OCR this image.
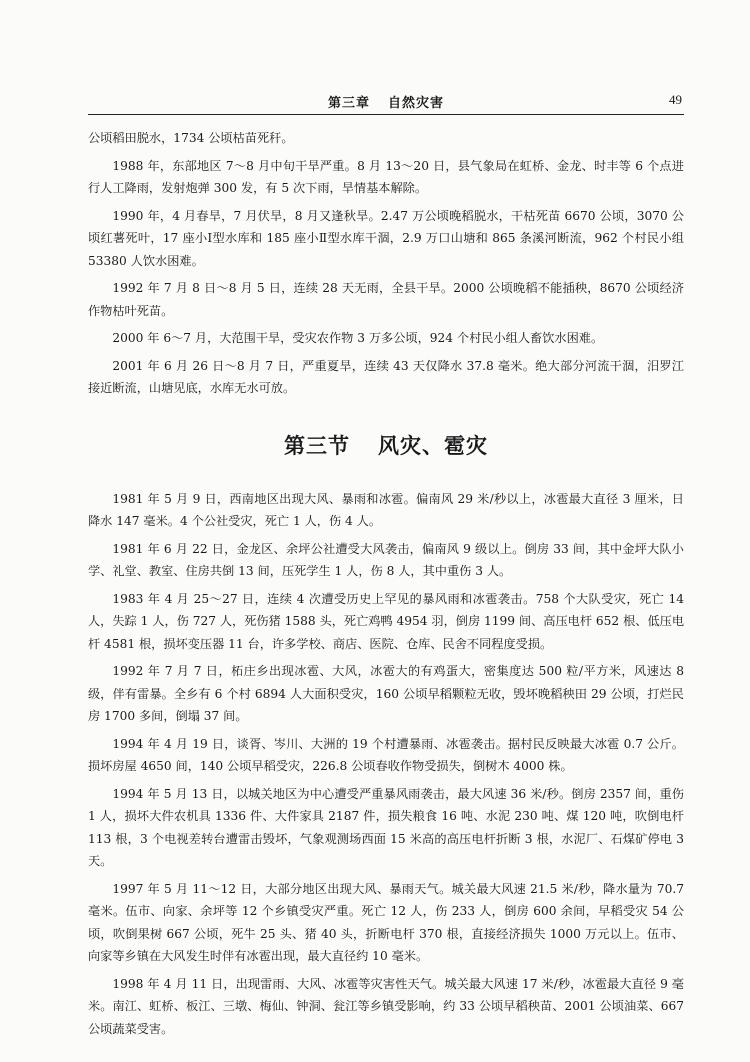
第三章 自然灾害	49

公顷稻田脱水，1734 公顷枯苗死秆。

1988 年，东部地区 7～8 月中旬干旱严重。8 月 13～20 日，县气象局在虹桥、金龙、时丰等 6 个点进行人工降雨，发射炮弹 300 发，有 5 次下雨，旱情基本解除。

1990 年，4 月春旱，7 月伏旱，8 月又逢秋旱。2.47 万公顷晚稻脱水，干枯死苗 6670 公顷，3070 公顷红薯死叶，17 座小Ⅰ型水库和 185 座小Ⅱ型水库干涸，2.9 万口山塘和 865 条溪河断流，962 个村民小组 53380 人饮水困难。

1992 年 7 月 8 日～8 月 5 日，连续 28 天无雨，全县干旱。2000 公顷晚稻不能插秧，8670 公顷经济作物枯叶死苗。

2000 年 6～7 月，大范围干旱，受灾农作物 3 万多公顷，924 个村民小组人畜饮水困难。

2001 年 6 月 26 日～8 月 7 日，严重夏旱，连续 43 天仅降水 37.8 毫米。绝大部分河流干涸，汨罗江接近断流，山塘见底，水库无水可放。

第三节 风灾、雹灾

1981 年 5 月 9 日，西南地区出现大风、暴雨和冰雹。偏南风 29 米/秒以上，冰雹最大直径 3 厘米，日降水 147 毫米。4 个公社受灾，死亡 1 人，伤 4 人。

1981 年 6 月 22 日，金龙区、余坪公社遭受大风袭击，偏南风 9 级以上。倒房 33 间，其中金坪大队小学、礼堂、教室、住房共倒 13 间，压死学生 1 人，伤 8 人，其中重伤 3 人。

1983 年 4 月 25～27 日，连续 4 次遭受历史上罕见的暴风雨和冰雹袭击。758 个大队受灾，死亡 14 人，失踪 1 人，伤 727 人，死伤猪 1588 头，死亡鸡鸭 4954 羽，倒房 1199 间、高压电杆 652 根、低压电杆 4581 根，损坏变压器 11 台，许多学校、商店、医院、仓库、民舍不同程度受损。

1992 年 7 月 7 日，柘庄乡出现冰雹、大风，冰雹大的有鸡蛋大，密集度达 500 粒/平方米，风速达 8 级，伴有雷暴。全乡有 6 个村 6894 人大面积受灾，160 公顷早稻颗粒无收，毁坏晚稻秧田 29 公顷，打烂民房 1700 多间，倒塌 37 间。

1994 年 4 月 19 日，谈胥、岑川、大洲的 19 个村遭暴雨、冰雹袭击。据村民反映最大冰雹 0.7 公斤。损坏房屋 4650 间，140 公顷早稻受灾，226.8 公顷春收作物受损失，倒树木 4000 株。

1994 年 5 月 13 日，以城关地区为中心遭受严重暴风雨袭击，最大风速 36 米/秒。倒房 2357 间，重伤 1 人，损坏大件农机具 1336 件、大件家具 2187 件，损失粮食 16 吨、水泥 230 吨、煤 120 吨，吹倒电杆 113 根，3 个电视差转台遭雷击毁坏，气象观测场西面 15 米高的高压电杆折断 3 根，水泥厂、石煤矿停电 3 天。

1997 年 5 月 11～12 日，大部分地区出现大风、暴雨天气。城关最大风速 21.5 米/秒，降水量为 70.7 毫米。伍市、向家、余坪等 12 个乡镇受灾严重。死亡 12 人，伤 233 人，倒房 600 余间，早稻受灾 54 公顷，吹倒果树 667 公顷，死牛 25 头、猪 40 头，折断电杆 370 根，直接经济损失 1000 万元以上。伍市、向家等乡镇在大风发生时伴有冰雹出现，最大直径约 10 毫米。

1998 年 4 月 11 日，出现雷雨、大风、冰雹等灾害性天气。城关最大风速 17 米/秒，冰雹最大直径 9 毫米。南江、虹桥、板江、三墩、梅仙、钟洞、瓮江等乡镇受影响，约 33 公顷早稻秧苗、2001 公顷油菜、667 公顷蔬菜受害。
